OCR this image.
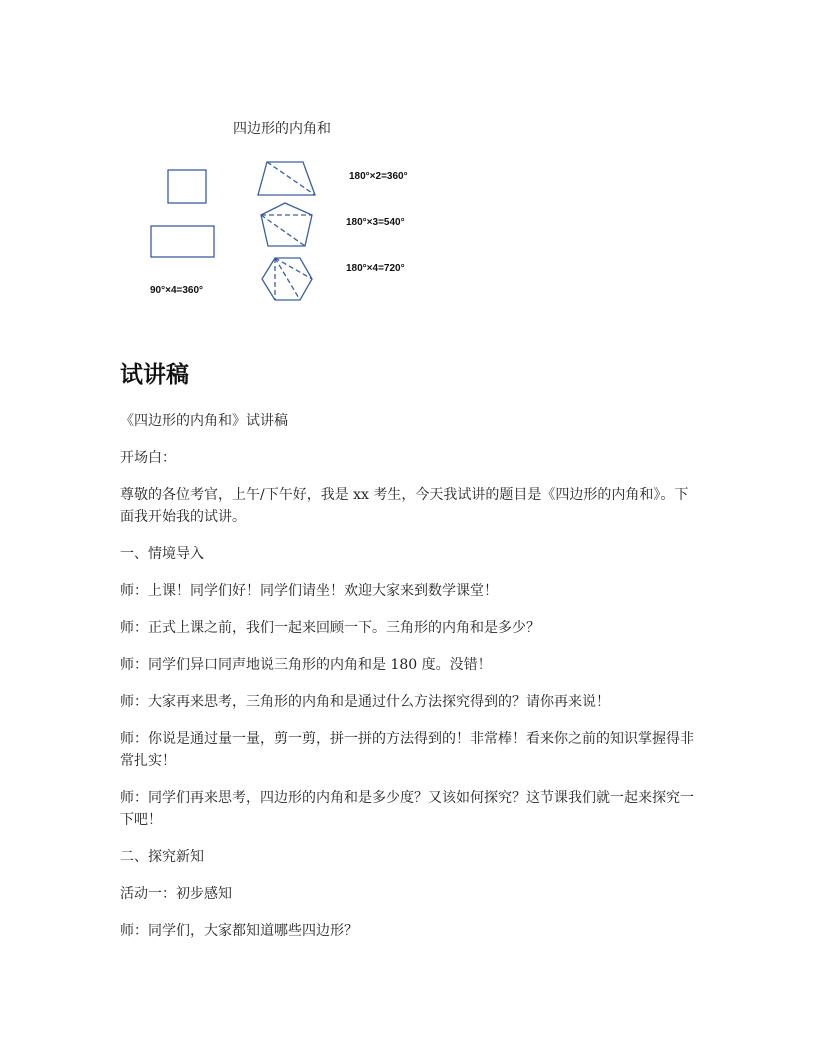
四边形的内角和
180°×2=360°
180°×3=540°
180°×4=720°
90°×4=360°
试讲稿

《四边形的内角和》试讲稿

开场白：

尊敬的各位考官，上午/下午好，我是 xx 考生，今天我试讲的题目是《四边形的内角和》。下面我开始我的试讲。

一、情境导入

师：上课！同学们好！同学们请坐！欢迎大家来到数学课堂！

师：正式上课之前，我们一起来回顾一下。三角形的内角和是多少？

师：同学们异口同声地说三角形的内角和是 180 度。没错！

师：大家再来思考，三角形的内角和是通过什么方法探究得到的？请你再来说！

师：你说是通过量一量，剪一剪，拼一拼的方法得到的！非常棒！看来你之前的知识掌握得非常扎实！

师：同学们再来思考，四边形的内角和是多少度？又该如何探究？这节课我们就一起来探究一下吧！

二、探究新知

活动一：初步感知

师：同学们，大家都知道哪些四边形？
